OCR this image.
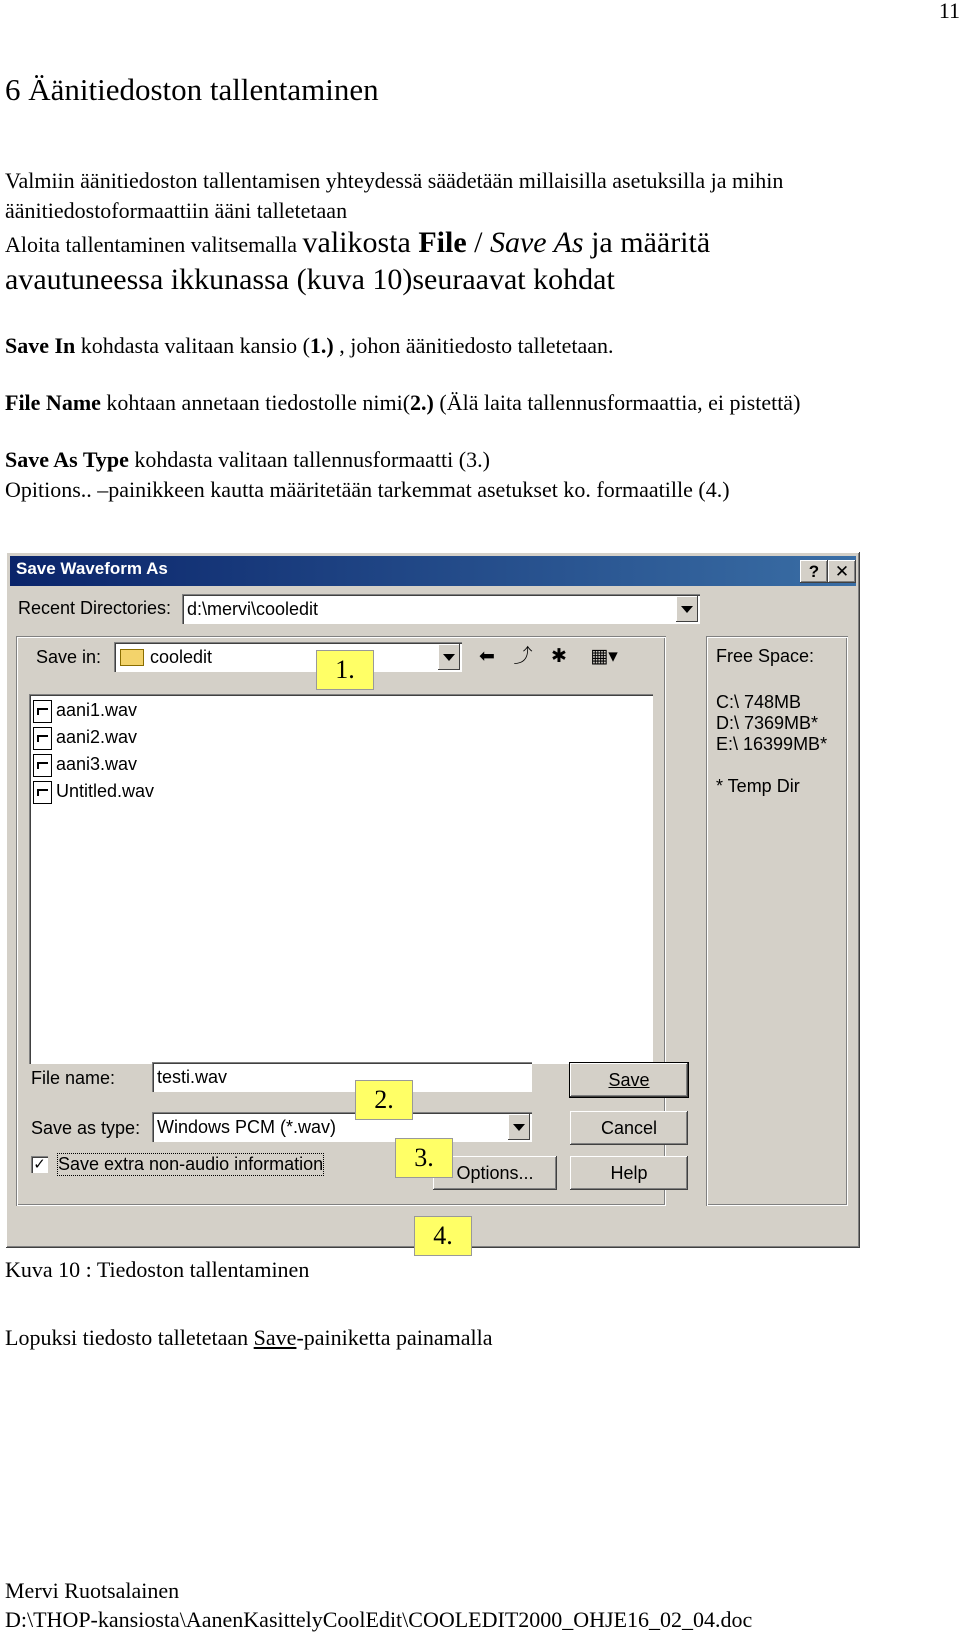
11
6 Äänitiedoston tallentaminen
Valmiin äänitiedoston tallentamisen yhteydessä säädetään millaisilla asetuksilla ja mihin
äänitiedostoformaattiin ääni talletetaan
Aloita tallentaminen valitsemalla valikosta File / Save As ja määritä
avautuneessa ikkunassa (kuva 10)seuraavat kohdat
Save In kohdasta valitaan kansio (1.) , johon äänitiedosto talletetaan.
File Name kohtaan annetaan tiedostolle nimi(2.) (Älä laita tallennusformaattia, ei pistettä)
Save As Type kohdasta valitaan tallennusformaatti (3.)
Opitions.. –painikkeen kautta määritetään tarkemmat asetukset ko. formaatille (4.)
Save Waveform As	? ✕
Recent Directories: d:\mervi\cooledit
Save in:	cooledit	⬅ ⤴ ✱	▦▾
aani1.wav
aani2.wav
aani3.wav
Untitled.wav
File name: testi.wav
Save as type: Windows PCM (*.wav)
✓ Save extra non-audio information
Save
Cancel
Options...	Help
Free Space:
C:\ 748MB
D:\ 7369MB*
E:\ 16399MB*
* Temp Dir
1.
2.
3.
4.
Kuva 10 : Tiedoston tallentaminen
Lopuksi tiedosto talletetaan Save-painiketta painamalla
Mervi Ruotsalainen
D:\THOP-kansiosta\AanenKasittelyCoolEdit\COOLEDIT2000_OHJE16_02_04.doc
